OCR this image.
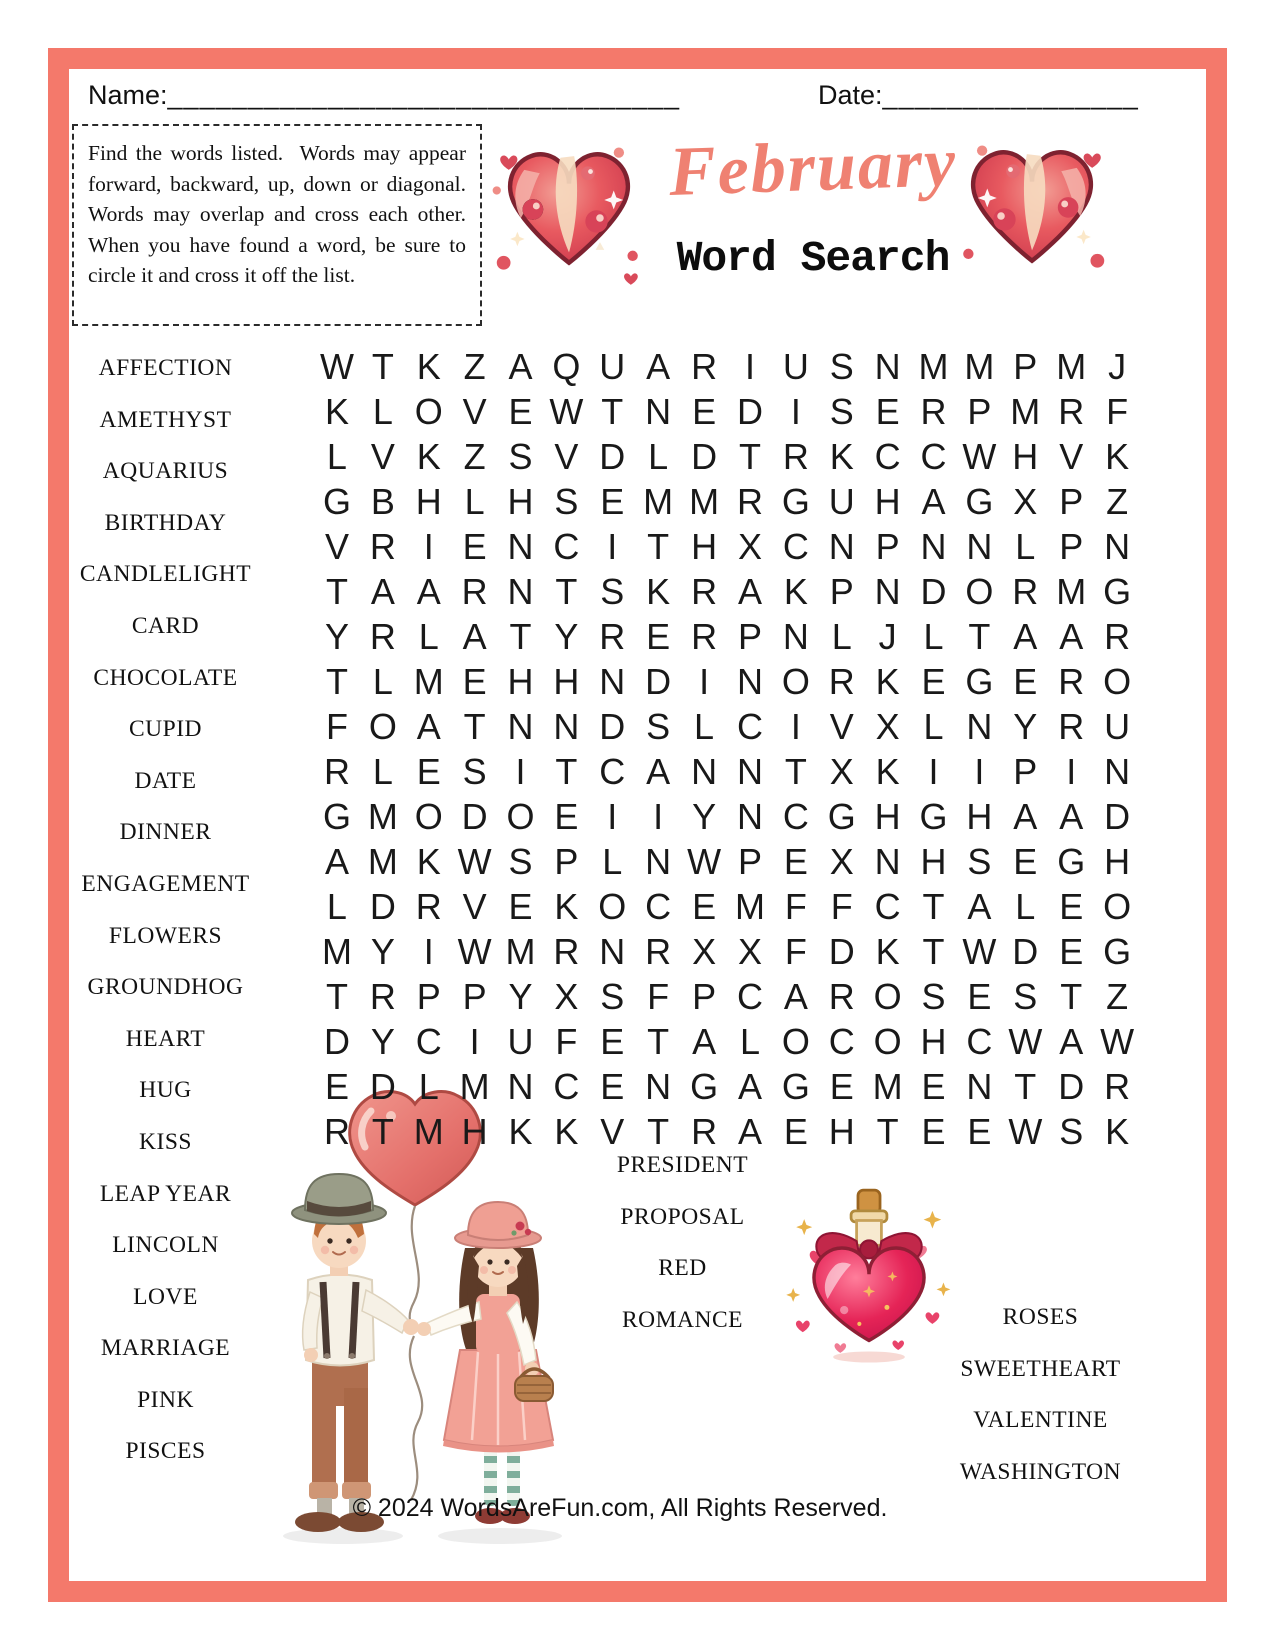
Name:________________________________	Date:________________

Find the words listed.  Words may appear forward, backward, up, down or diagonal.  Words may overlap and cross each other.  When you have found a word, be sure to circle it and cross it off the list.

February
Word Search
AFFECTION
AMETHYST
AQUARIUS
BIRTHDAY
CANDLELIGHT
CARD
CHOCOLATE
CUPID
DATE
DINNER
ENGAGEMENT
FLOWERS
GROUNDHOG
HEART
HUG
KISS
LEAP YEAR
LINCOLN
LOVE
MARRIAGE
PINK
PISCES
W T K Z A Q U A R I U S N M M P M J
K L O V E W T N E D I S E R P M R F
L V K Z S V D L D T R K C C W H V K
G B H L H S E M M R G U H A G X P Z
V R I E N C I T H X C N P N N L P N
T A A R N T S K R A K P N D O R M G
Y R L A T Y R E R P N L J L T A A R
T L M E H H N D I N O R K E G E R O
F O A T N N D S L C I V X L N Y R U
R L E S I T C A N N T X K I I P I N
G M O D O E I I Y N C G H G H A A D
A M K W S P L N W P E X N H S E G H
L D R V E K O C E M F F C T A L E O
M Y I W M R N R X X F D K T W D E G
T R P P Y X S F P C A R O S E S T Z
D Y C I U F E T A L O C O H C W A W
E D L M N C E N G A G E M E N T D R
R T M H K K V T R A E H T E E W S K
PRESIDENT
PROPOSAL
RED
ROMANCE	ROSES
SWEETHEART
VALENTINE
WASHINGTON
© 2024 WordsAreFun.com, All Rights Reserved.
